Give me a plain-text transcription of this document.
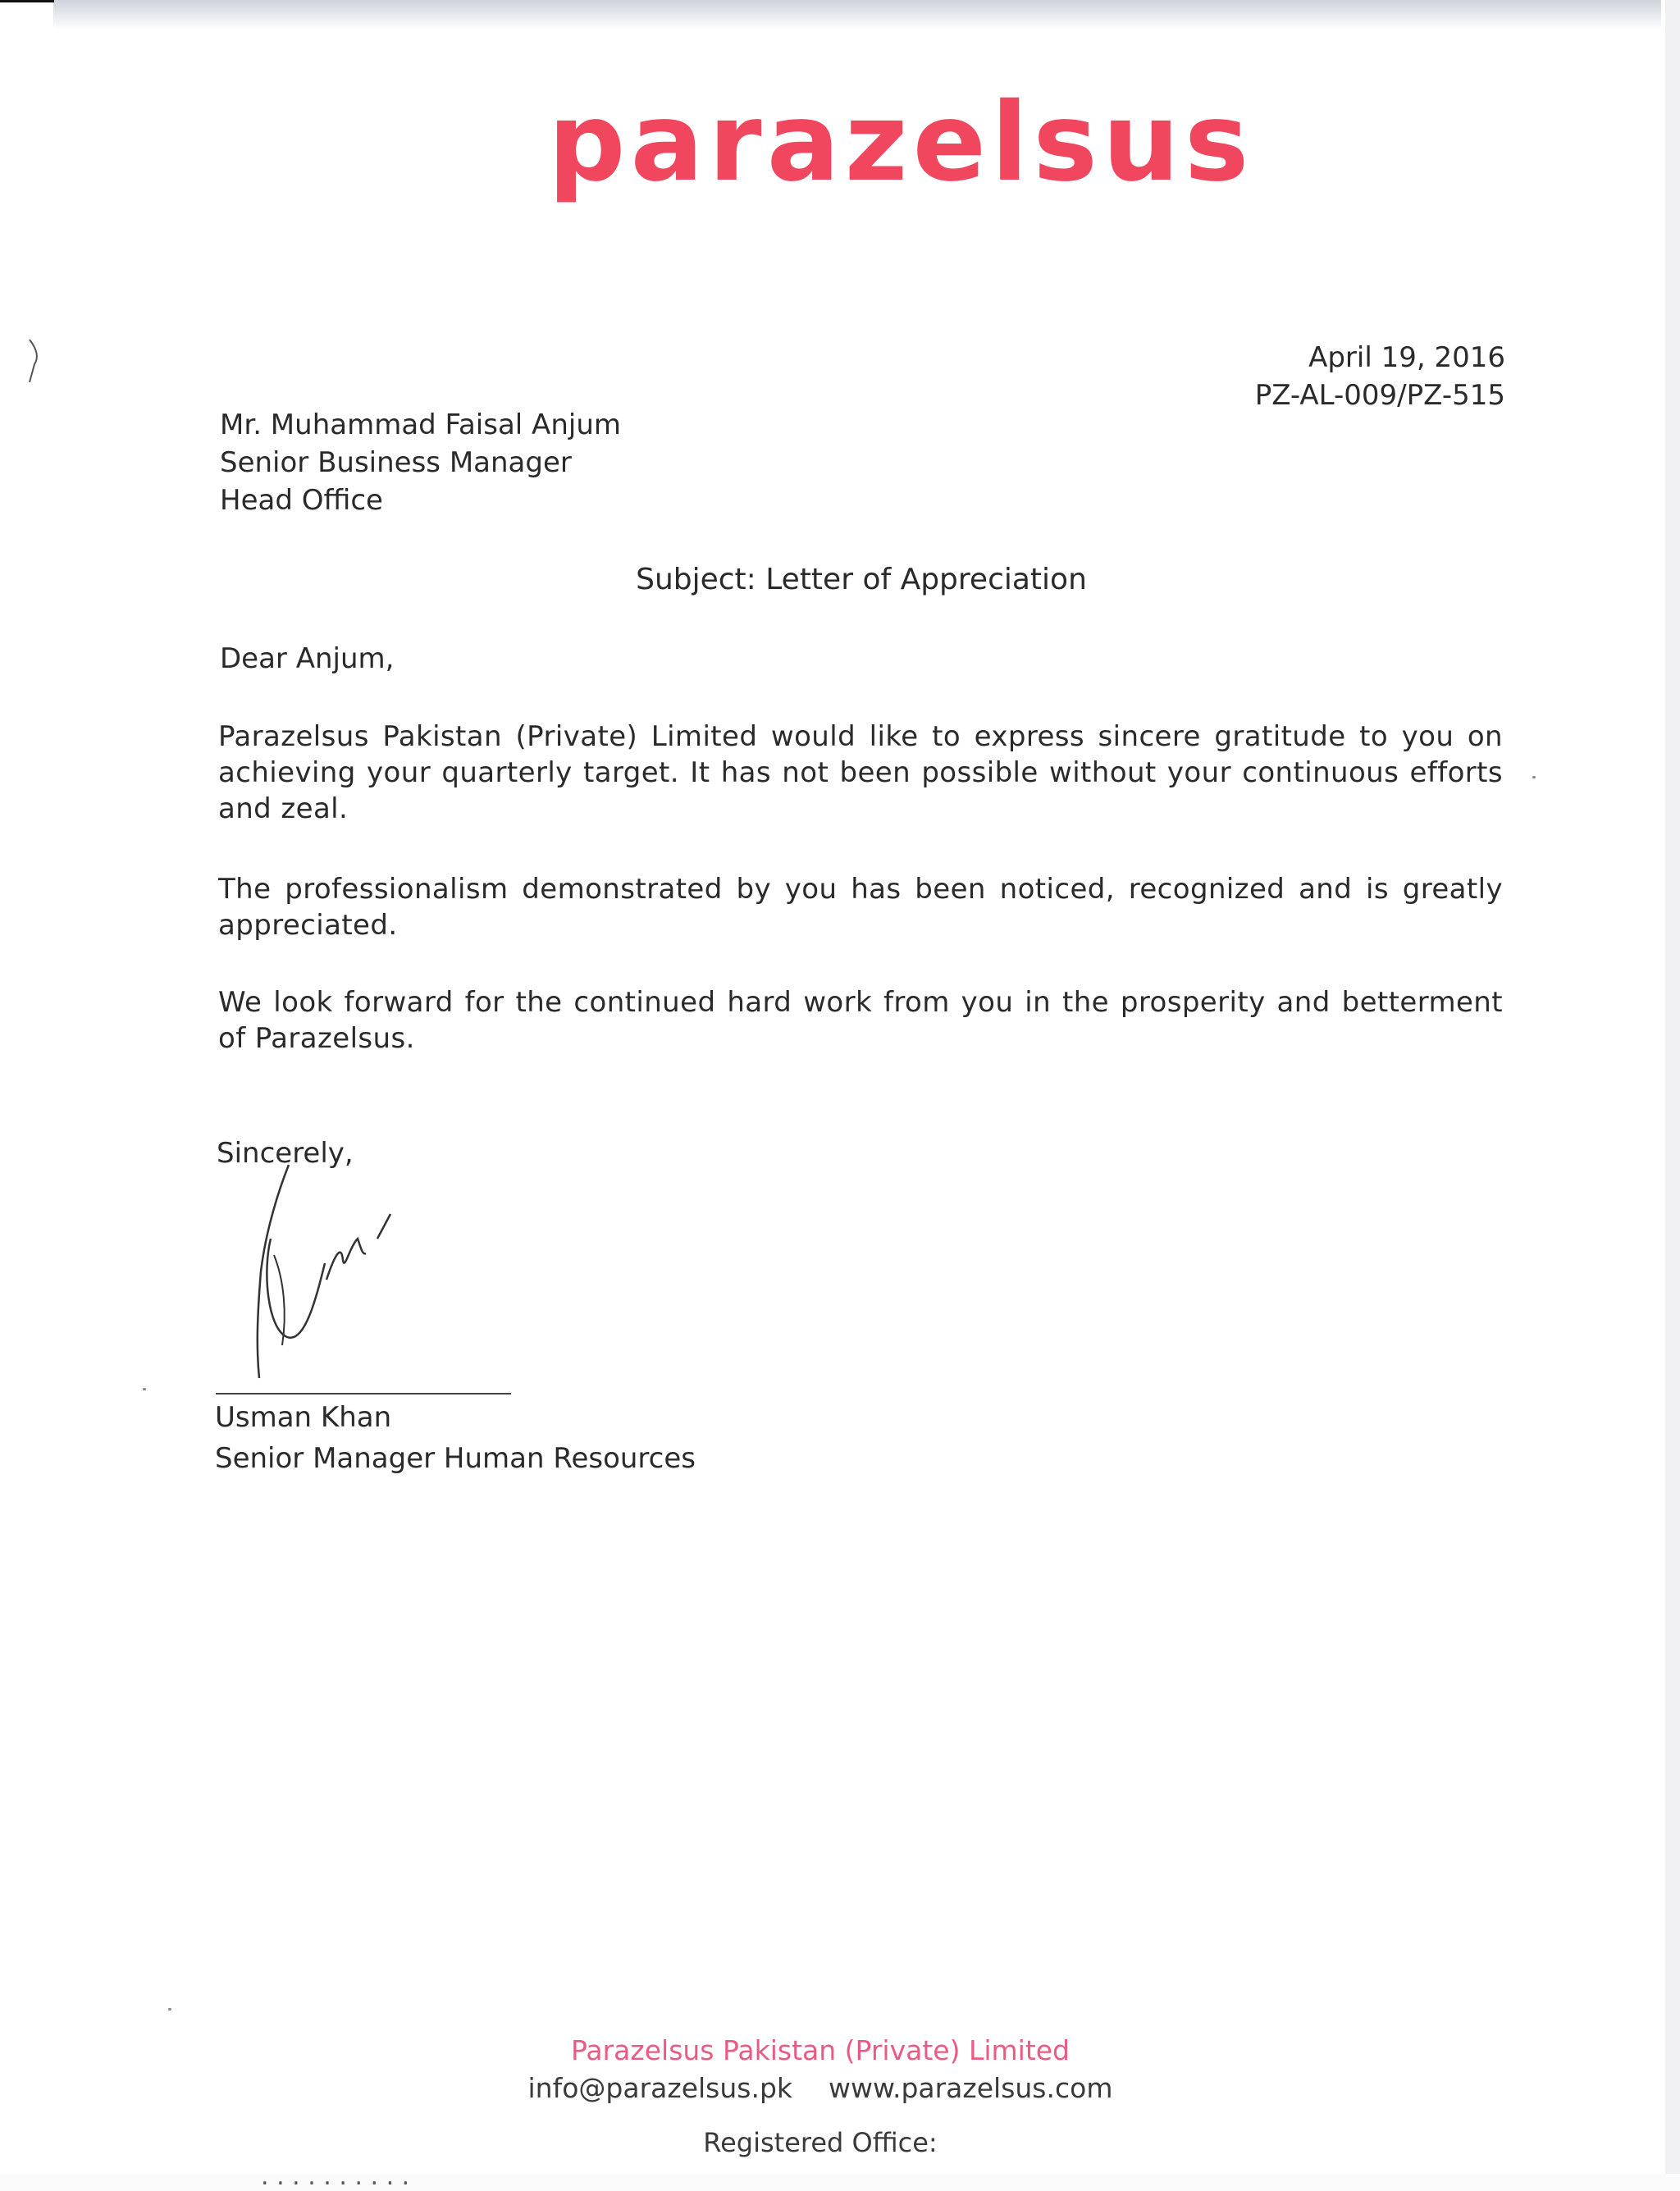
parazelsus
April 19, 2016
PZ-AL-009/PZ-515
Mr. Muhammad Faisal Anjum
Senior Business Manager
Head Office
Subject: Letter of Appreciation
Dear Anjum,
Parazelsus Pakistan (Private) Limited would like to express sincere gratitude to you on achieving your quarterly target. It has not been possible without your continuous efforts and zeal.
The professionalism demonstrated by you has been noticed, recognized and is greatly appreciated.
We look forward for the continued hard work from you in the prosperity and betterment of Parazelsus.
Sincerely,
Usman Khan
Senior Manager Human Resources
Parazelsus Pakistan (Private) Limited
info@parazelsus.pk www.parazelsus.com
Registered Office:
. . . . . . . . . .
